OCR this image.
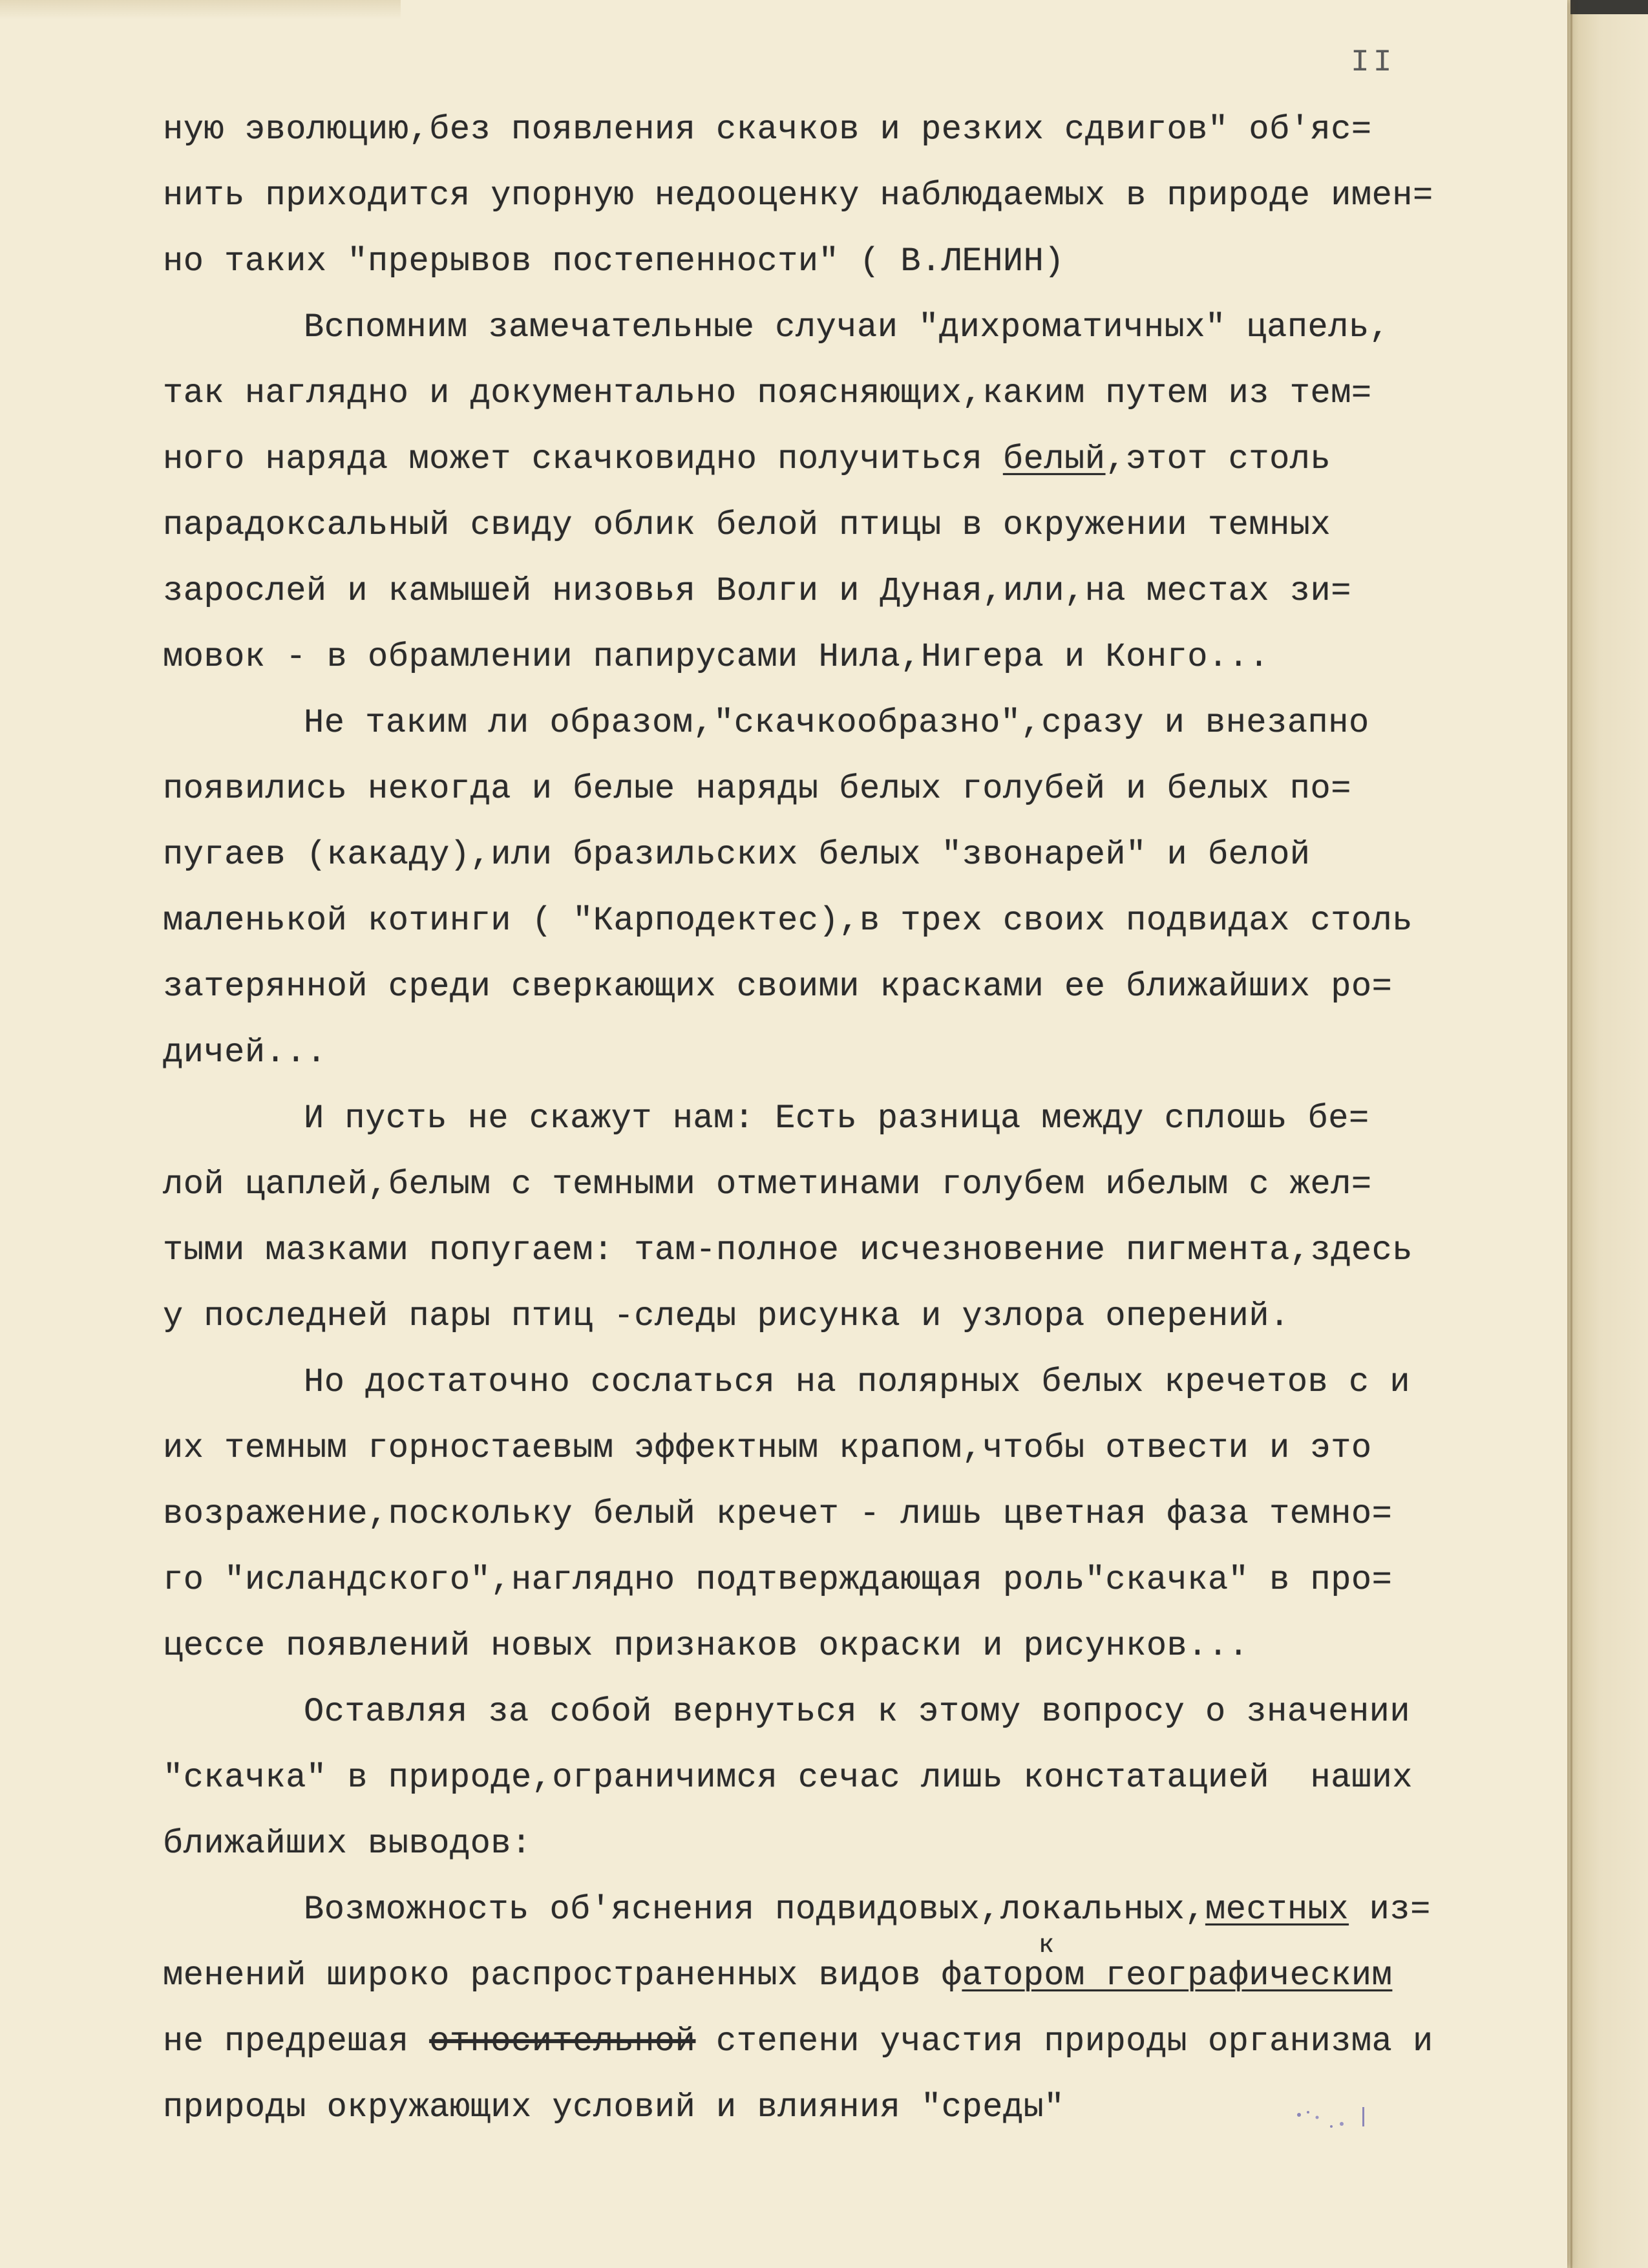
II
ную эволюцию,без появления скачков и резких сдвигов" об'яс=
нить приходится упорную недооценку наблюдаемых в природе имен=
но таких "прерывов постепенности" ( В.ЛЕНИН)
Вспомним замечательные случаи "дихроматичных" цапель,
так наглядно и документально поясняющих,каким путем из тем=
ного наряда может скачковидно получиться белый,этот столь
парадоксальный свиду облик белой птицы в окружении темных
зарослей и камышей низовья Волги и Дуная,или,на местах зи=
мовок - в обрамлении папирусами Нила,Нигера и Конго...
Не таким ли образом,"скачкообразно",сразу и внезапно
появились некогда и белые наряды белых голубей и белых по=
пугаев (какаду),или бразильских белых "звонарей" и белой
маленькой котинги ( "Карподектес),в трех своих подвидах столь
затерянной среди сверкающих своими красками ее ближайших ро=
дичей...
И пусть не скажут нам: Есть разница между сплошь бе=
лой цаплей,белым с темными отметинами голубем ибелым с жел=
тыми мазками попугаем: там-полное исчезновение пигмента,здесь
у последней пары птиц -следы рисунка и узлора оперений.
Но достаточно сослаться на полярных белых кречетов с и
их темным горностаевым эффектным крапом,чтобы отвести и это
возражение,поскольку белый кречет - лишь цветная фаза темно=
го "исландского",наглядно подтверждающая роль"скачка" в про=
цессе появлений новых признаков окраски и рисунков...
Оставляя за собой вернуться к этому вопросу о значении
"скачка" в природе,ограничимся сечас лишь констатацией  наших
ближайших выводов:
Возможность об'яснения подвидовых,локальных,местных из=
менений широко распространенных видов фатором географическим
к
не предрешая относительной степени участия природы организма и
природы окружающих условий и влияния "среды"
